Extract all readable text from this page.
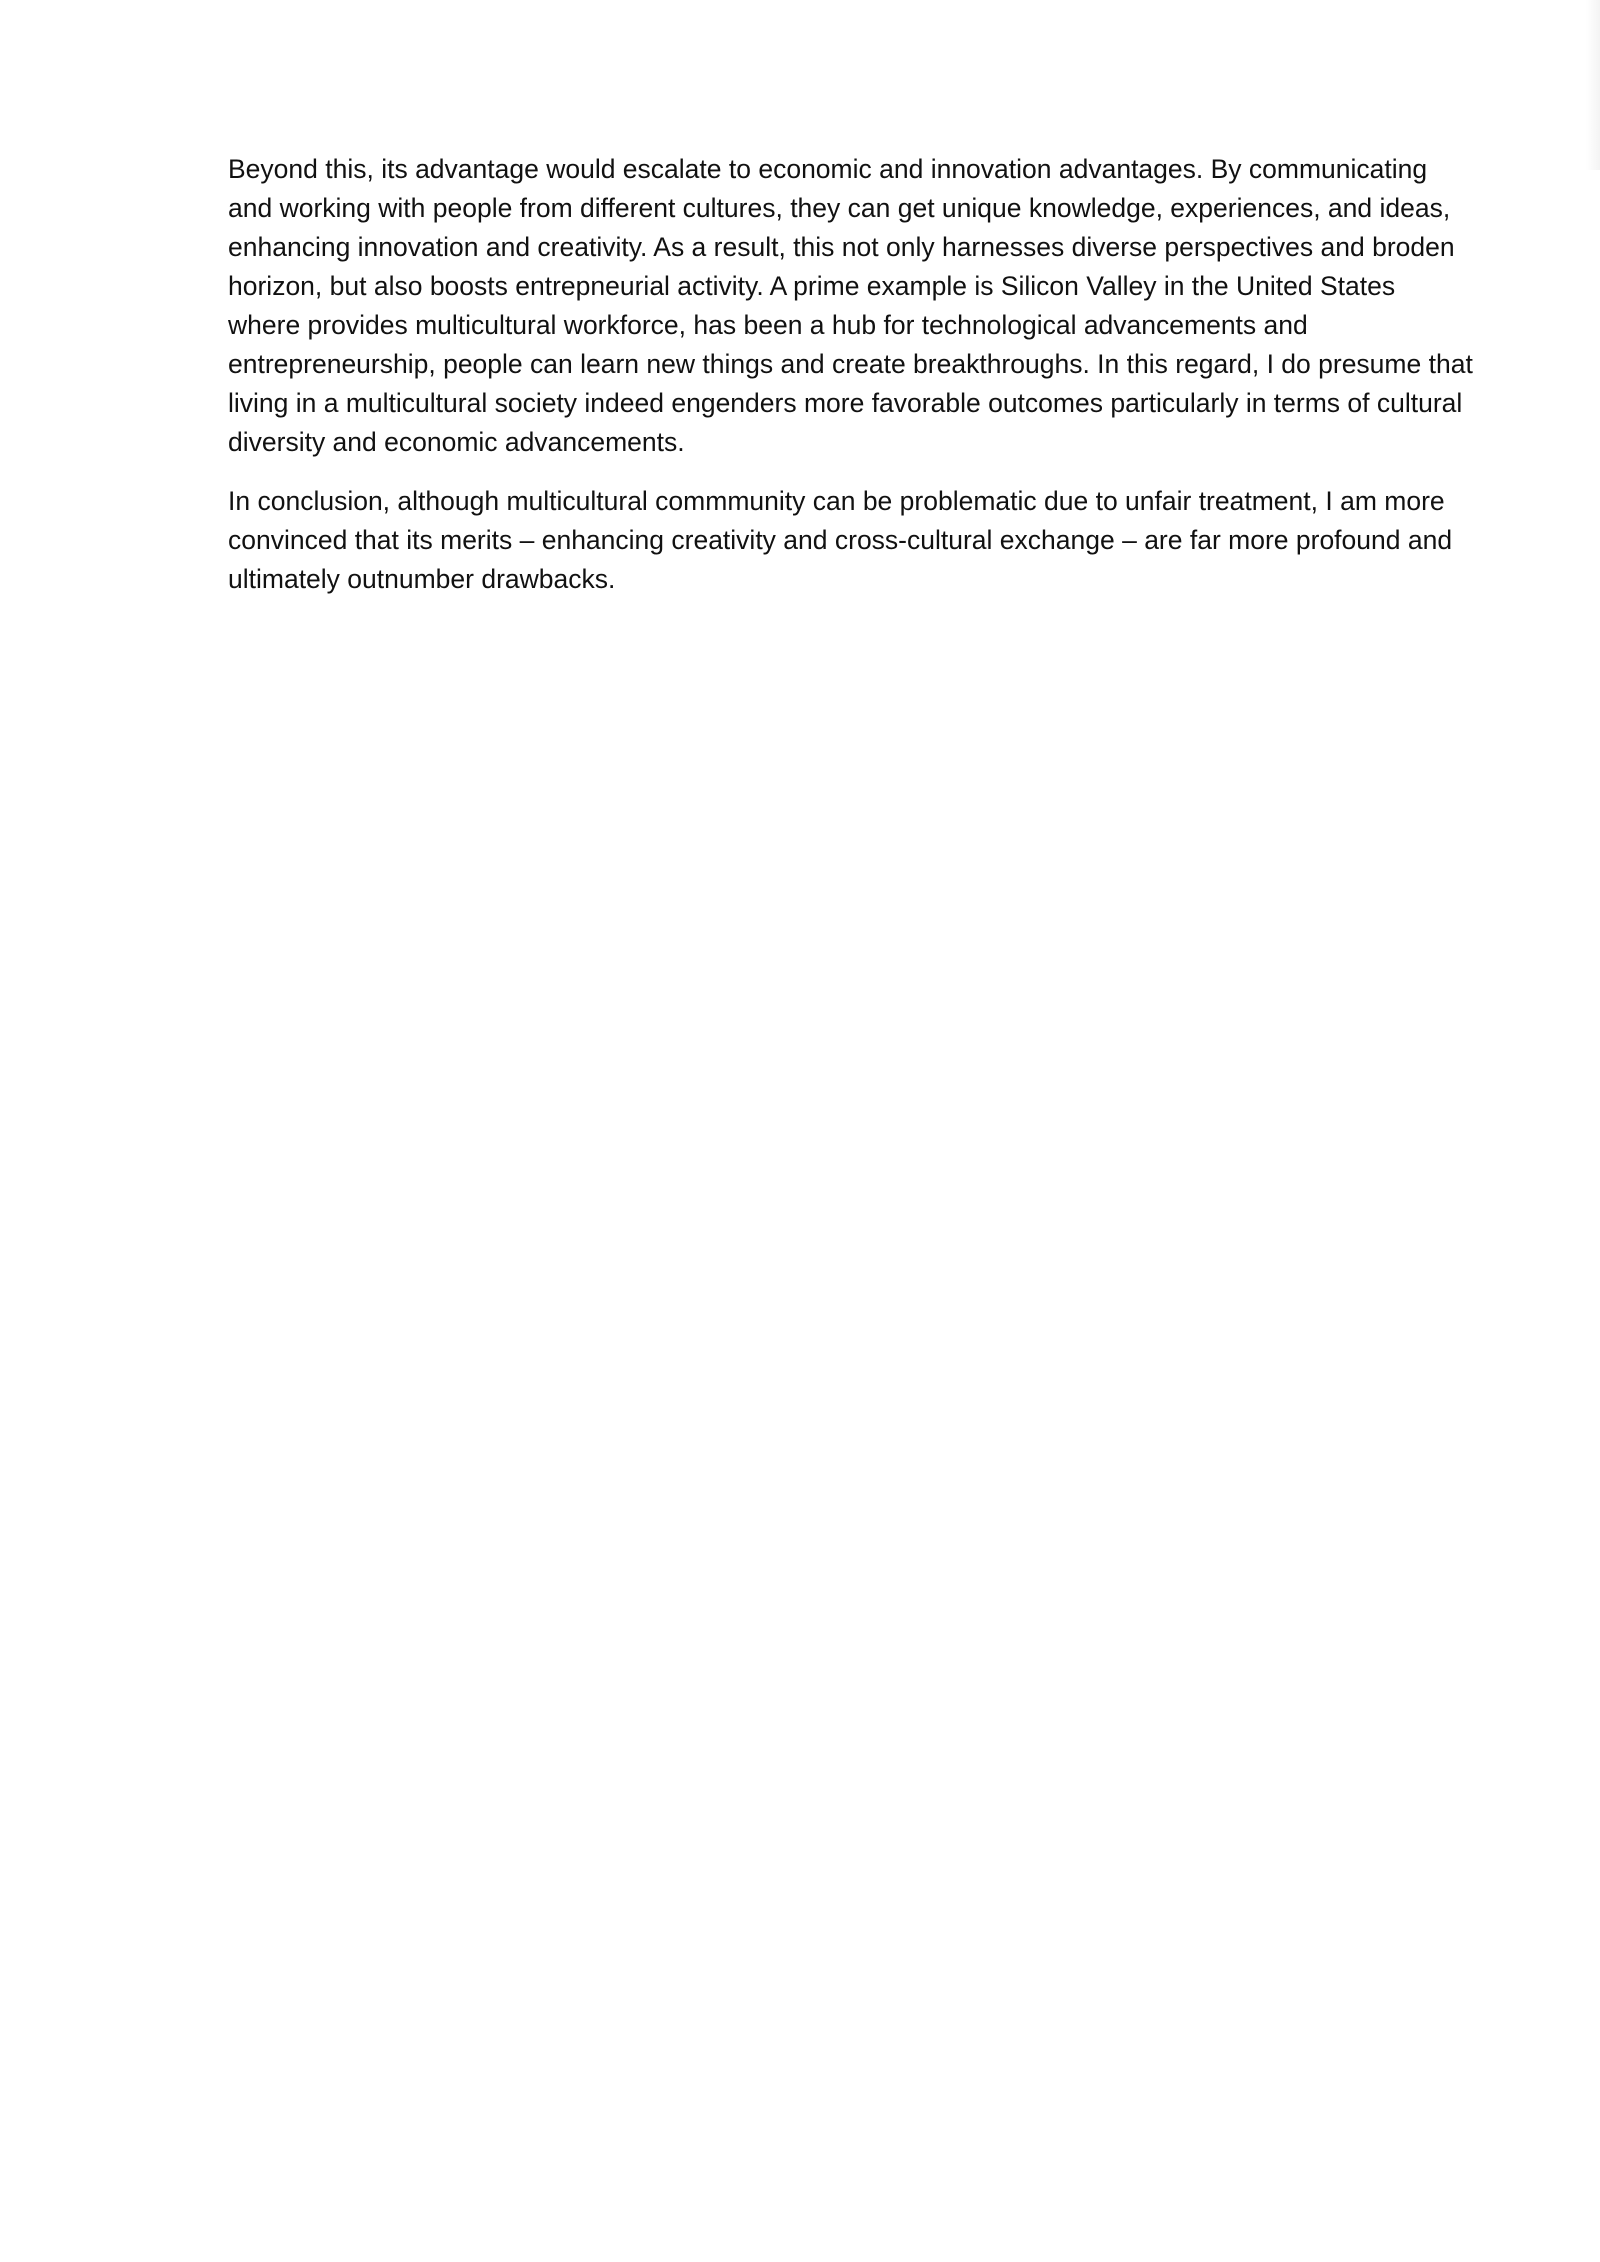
Beyond this, its advantage would escalate to economic and innovation advantages. By communicating and working with people from different cultures, they can get unique knowledge, experiences, and ideas, enhancing innovation and creativity. As a result, this not only harnesses diverse perspectives and broden horizon, but also boosts entrepneurial activity. A prime example is Silicon Valley in the United States where provides multicultural workforce, has been a hub for technological advancements and entrepreneurship, people can learn new things and create breakthroughs. In this regard, I do presume that living in a multicultural society indeed engenders more favorable outcomes particularly in terms of cultural diversity and economic advancements.

In conclusion, although multicultural commmunity can be problematic due to unfair treatment, I am more convinced that its merits – enhancing creativity and cross-cultural exchange – are far more profound and ultimately outnumber drawbacks.
